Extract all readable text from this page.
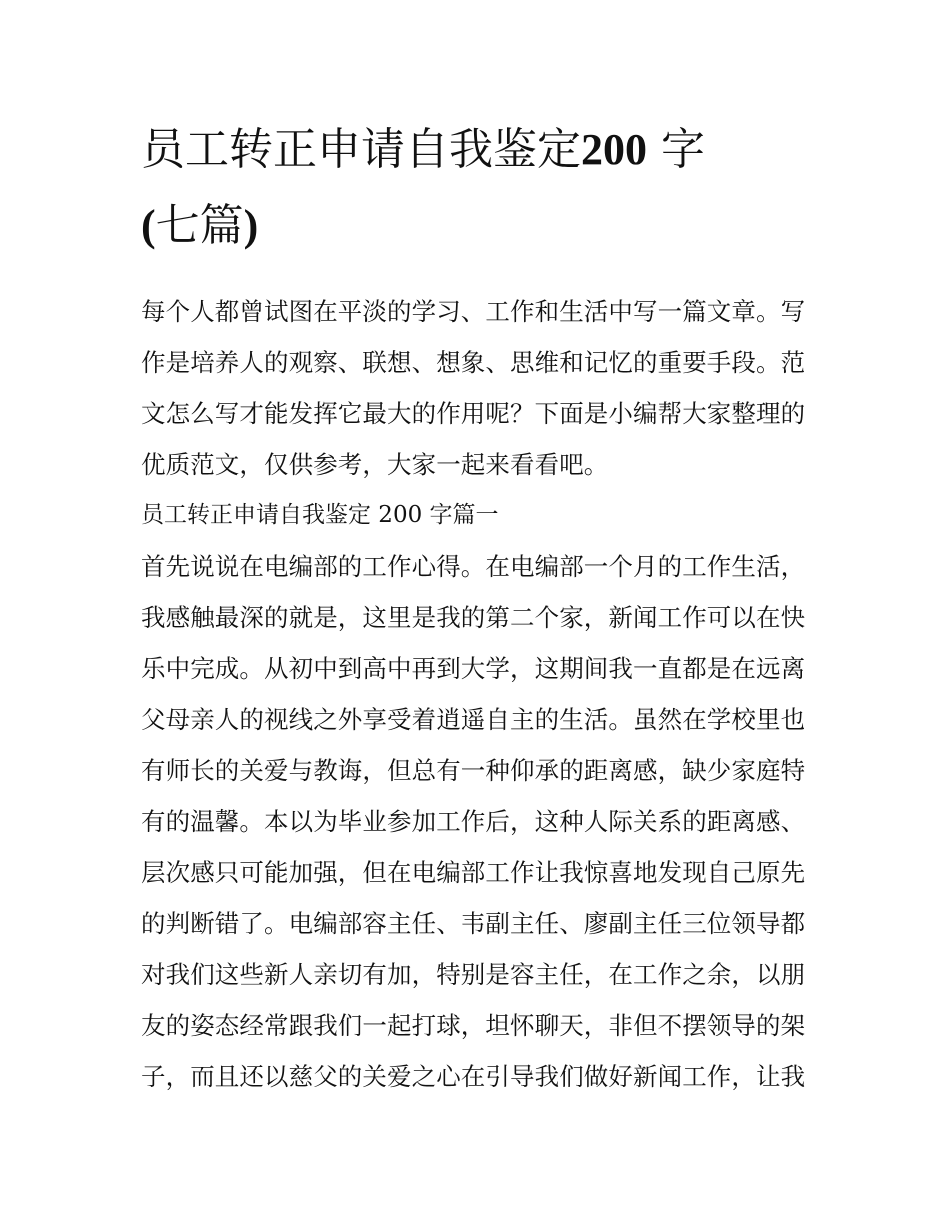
员工转正申请自我鉴定200 字
(七篇)
每个人都曾试图在平淡的学习、工作和生活中写一篇文章。写
作是培养人的观察、联想、想象、思维和记忆的重要手段。范
文怎么写才能发挥它最大的作用呢？下面是小编帮大家整理的
优质范文，仅供参考，大家一起来看看吧。
员工转正申请自我鉴定 200 字篇一
首先说说在电编部的工作心得。在电编部一个月的工作生活，
我感触最深的就是，这里是我的第二个家，新闻工作可以在快
乐中完成。从初中到高中再到大学，这期间我一直都是在远离
父母亲人的视线之外享受着逍遥自主的生活。虽然在学校里也
有师长的关爱与教诲，但总有一种仰承的距离感，缺少家庭特
有的温馨。本以为毕业参加工作后，这种人际关系的距离感、
层次感只可能加强，但在电编部工作让我惊喜地发现自己原先
的判断错了。电编部容主任、韦副主任、廖副主任三位领导都
对我们这些新人亲切有加，特别是容主任，在工作之余，以朋
友的姿态经常跟我们一起打球，坦怀聊天，非但不摆领导的架
子，而且还以慈父的关爱之心在引导我们做好新闻工作，让我
